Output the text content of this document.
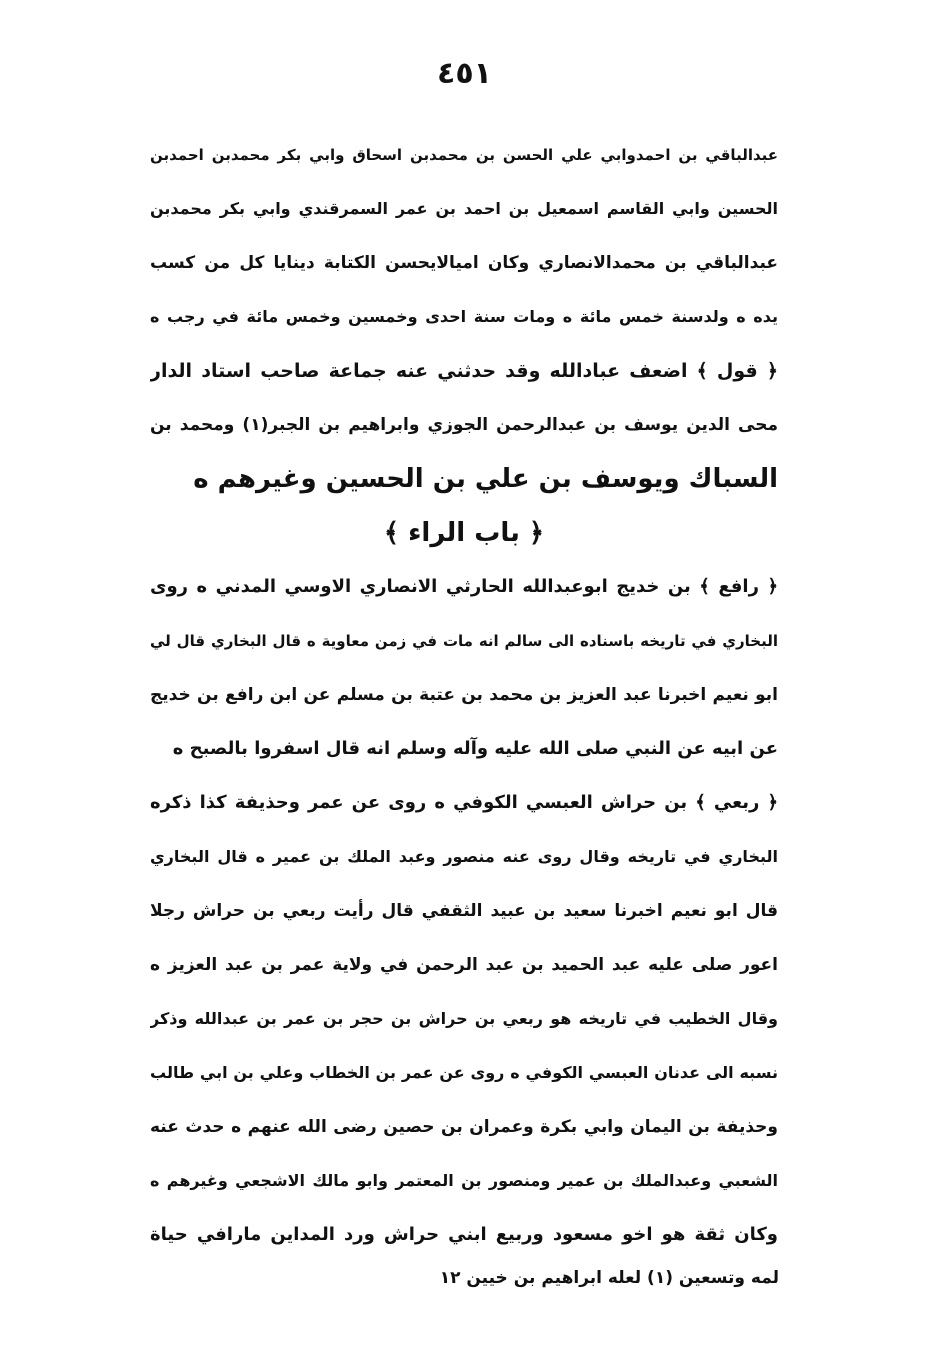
٤٥١
عبدالباقي بن احمدوابي علي الحسن بن محمدبن اسحاق وابي بكر محمدبن احمدبن
الحسين وابي القاسم اسمعيل بن احمد بن عمر السمرقندي وابي بكر محمدبن
عبدالباقي بن محمدالانصاري وكان اميالايحسن الكتابة دينايا كل من كسب
يده ه ولدسنة خمس مائة ه ومات سنة احدى وخمسين وخمس مائة في رجب ه
﴿ قول ﴾ اضعف عبادالله وقد حدثني عنه جماعة صاحب استاد الدار
محى الدين يوسف بن عبدالرحمن الجوزي وابراهيم بن الجبر(١) ومحمد بن
السباك ويوسف بن علي بن الحسين وغيرهم ه
﴿ باب الراء ﴾
﴿ رافع ﴾ بن خديج ابوعبدالله الحارثي الانصاري الاوسي المدني ه روى
البخاري في تاريخه باسناده الى سالم انه مات في زمن معاوية ه قال البخاري قال لي
ابو نعيم اخبرنا عبد العزيز بن محمد بن عتبة بن مسلم عن ابن رافع بن خديج
عن ابيه عن النبي صلى الله عليه وآله وسلم انه قال اسفروا بالصبح ه
﴿ ربعي ﴾ بن حراش العبسي الكوفي ه روى عن عمر وحذيفة كذا ذكره
البخاري في تاريخه وقال روى عنه منصور وعبد الملك بن عمير ه قال البخاري
قال ابو نعيم اخبرنا سعيد بن عبيد الثقفي قال رأيت ربعي بن حراش رجلا
اعور صلى عليه عبد الحميد بن عبد الرحمن في ولاية عمر بن عبد العزيز ه
وقال الخطيب في تاريخه هو ربعي بن حراش بن حجر بن عمر بن عبدالله وذكر
نسبه الى عدنان العبسي الكوفي ه روى عن عمر بن الخطاب وعلي بن ابي طالب
وحذيفة بن اليمان وابي بكرة وعمران بن حصين رضى الله عنهم ه حدث عنه
الشعبي وعبدالملك بن عمير ومنصور بن المعتمر وابو مالك الاشجعي وغيرهم ه
وكان ثقة هو اخو مسعود وربيع ابني حراش ورد المداين مارافي حياة
لمه وتسعين (١) لعله ابراهيم بن خيين ١٢
